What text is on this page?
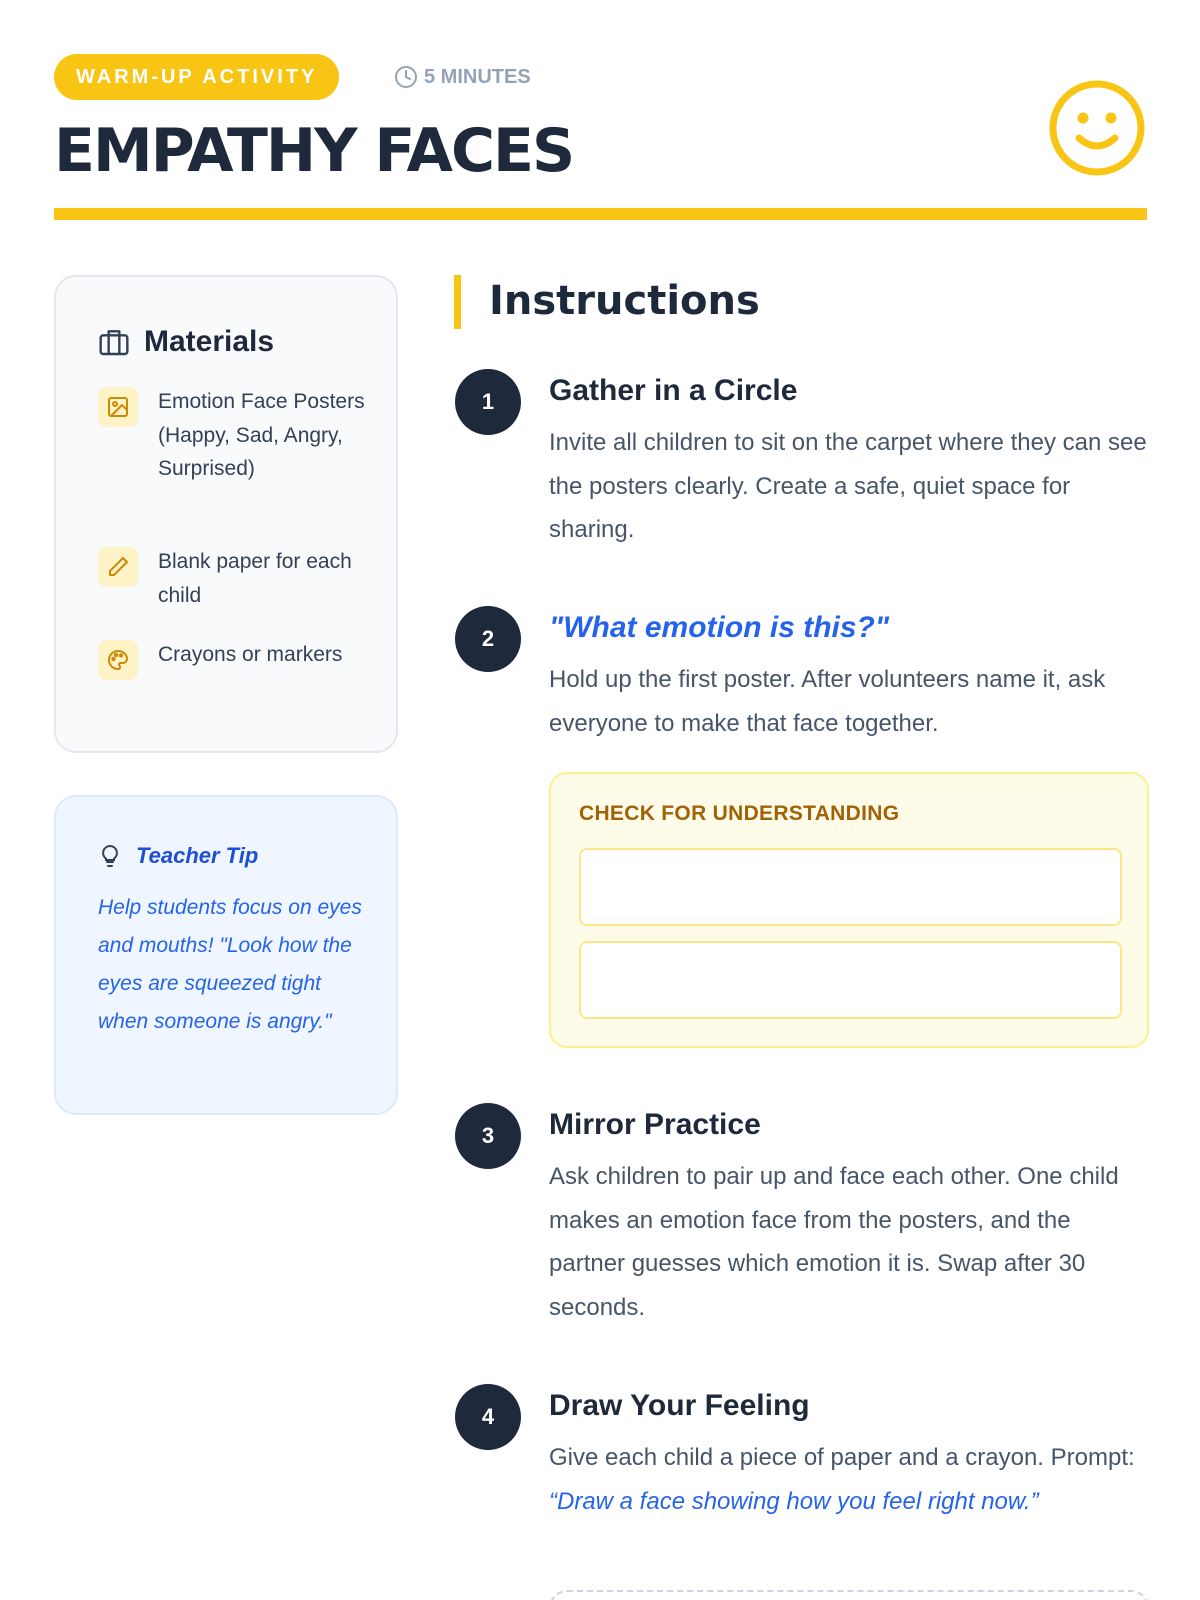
WARM-UP ACTIVITY	5 MINUTES
EMPATHY FACES
Materials
Emotion Face Posters (Happy, Sad, Angry, Surprised)
Blank paper for each child
Crayons or markers
Teacher Tip

Help students focus on eyes and mouths! "Look how the eyes are squeezed tight when someone is angry."

Instructions
1	Gather in a Circle

Invite all children to sit on the carpet where they can see the posters clearly. Create a safe, quiet space for sharing.

2	"What emotion is this?"

Hold up the first poster. After volunteers name it, ask everyone to make that face together.

CHECK FOR UNDERSTANDING
3	Mirror Practice

Ask children to pair up and face each other. One child makes an emotion face from the posters, and the partner guesses which emotion it is. Swap after 30 seconds.

4	Draw Your Feeling

Give each child a piece of paper and a crayon. Prompt: “Draw a face showing how you feel right now.”
